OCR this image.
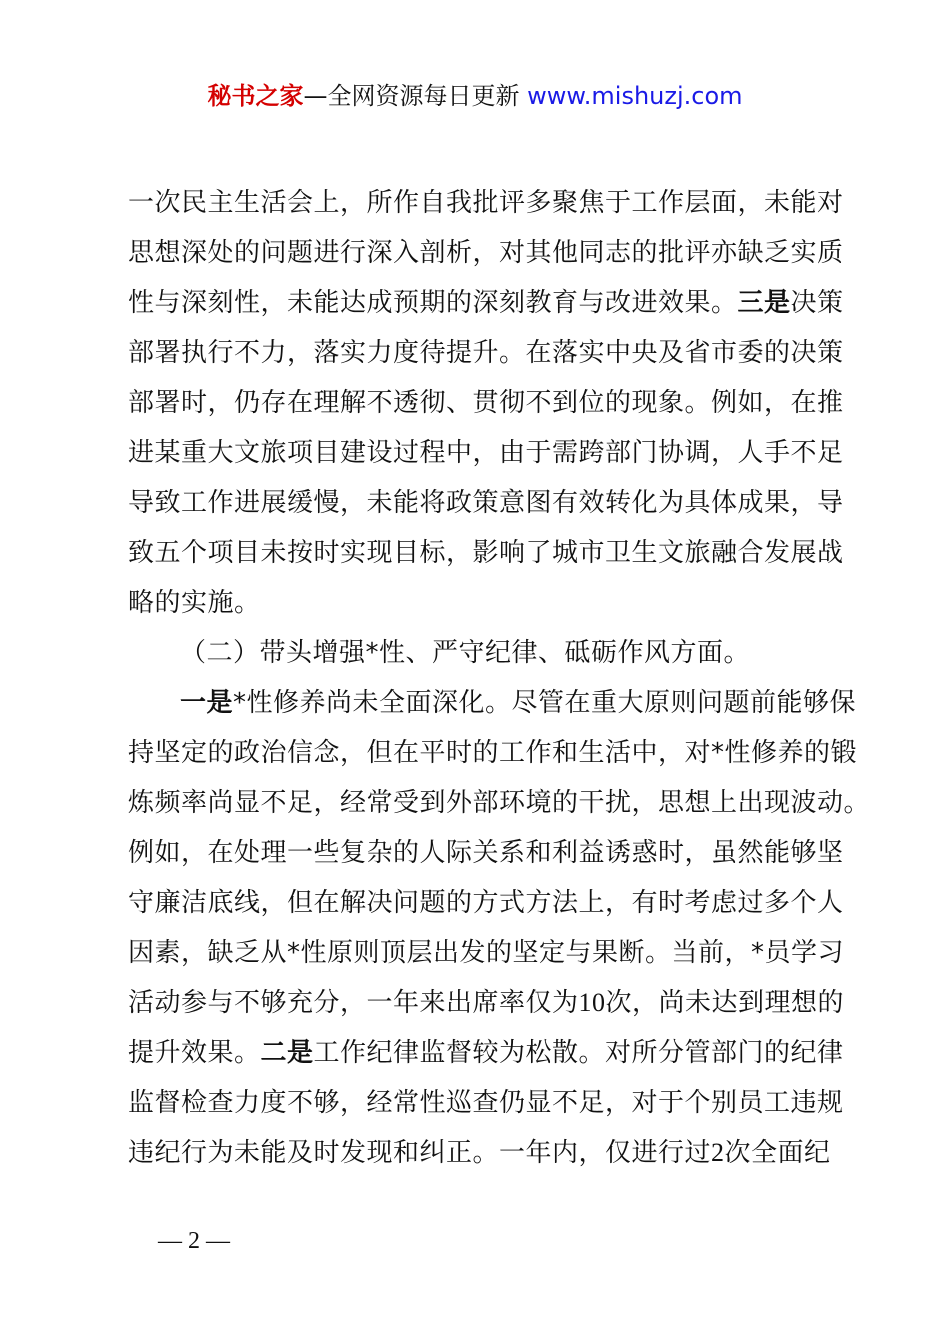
秘书之家—全网资源每日更新 www.mishuzj.com
一次民主生活会上，所作自我批评多聚焦于工作层面，未能对
思想深处的问题进行深入剖析，对其他同志的批评亦缺乏实质
性与深刻性，未能达成预期的深刻教育与改进效果。三是决策
部署执行不力，落实力度待提升。在落实中央及省市委的决策
部署时，仍存在理解不透彻、贯彻不到位的现象。例如，在推
进某重大文旅项目建设过程中，由于需跨部门协调，人手不足
导致工作进展缓慢，未能将政策意图有效转化为具体成果，导
致五个项目未按时实现目标，影响了城市卫生文旅融合发展战
略的实施。
（二）带头增强*性、严守纪律、砥砺作风方面。
一是*性修养尚未全面深化。尽管在重大原则问题前能够保
持坚定的政治信念，但在平时的工作和生活中，对*性修养的锻
炼频率尚显不足，经常受到外部环境的干扰，思想上出现波动。
例如，在处理一些复杂的人际关系和利益诱惑时，虽然能够坚
守廉洁底线，但在解决问题的方式方法上，有时考虑过多个人
因素，缺乏从*性原则顶层出发的坚定与果断。当前，*员学习
活动参与不够充分，一年来出席率仅为10次，尚未达到理想的
提升效果。二是工作纪律监督较为松散。对所分管部门的纪律
监督检查力度不够，经常性巡查仍显不足，对于个别员工违规
违纪行为未能及时发现和纠正。一年内，仅进行过2次全面纪
— 2 —
